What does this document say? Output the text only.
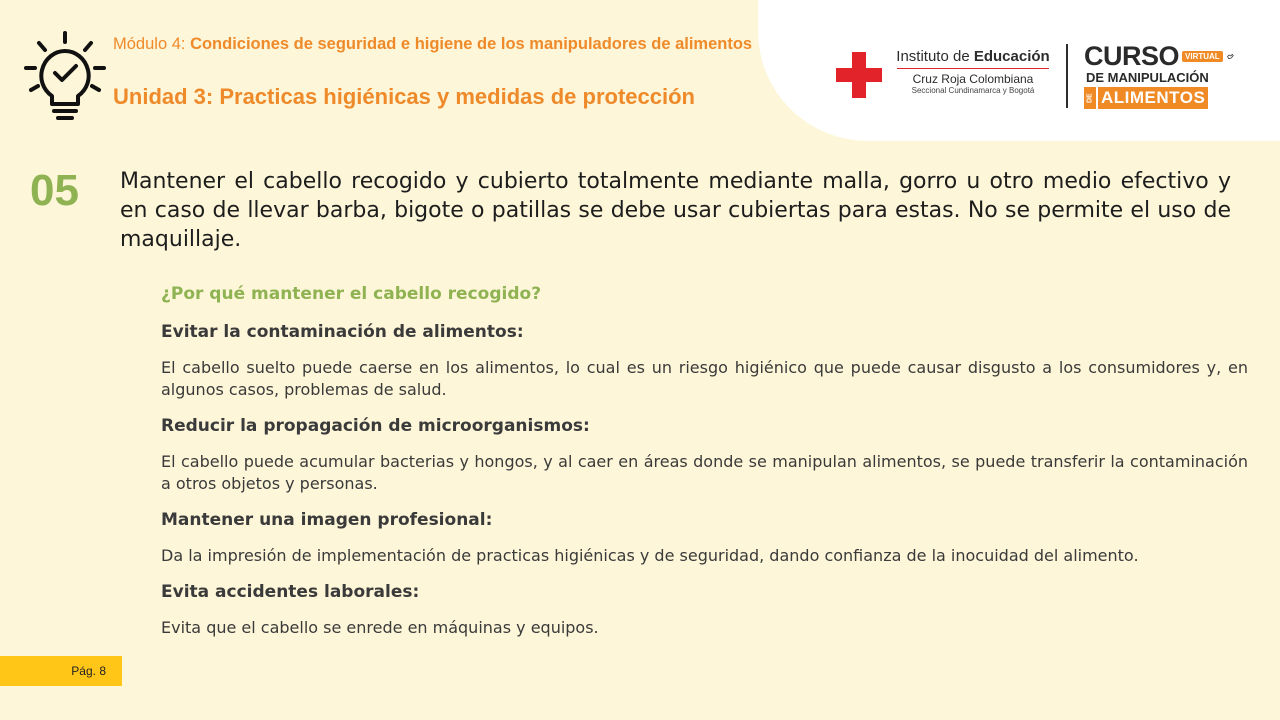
Módulo 4: Condiciones de seguridad e higiene de los manipuladores de alimentos
Unidad 3: Practicas higiénicas y medidas de protección
Instituto de Educación
Cruz Roja Colombiana
Seccional Cundinamarca y Bogotá
CURSO VIRTUAL
DE MANIPULACIÓN
DE ALIMENTOS
05 Mantener el cabello recogido y cubierto totalmente mediante malla, gorro u otro medio efectivo y en caso de llevar barba, bigote o patillas se debe usar cubiertas para estas. No se permite el uso de maquillaje.
¿Por qué mantener el cabello recogido?
Evitar la contaminación de alimentos:
El cabello suelto puede caerse en los alimentos, lo cual es un riesgo higiénico que puede causar disgusto a los consumidores y, en algunos casos, problemas de salud.
Reducir la propagación de microorganismos:
El cabello puede acumular bacterias y hongos, y al caer en áreas donde se manipulan alimentos, se puede transferir la contaminación a otros objetos y personas.
Mantener una imagen profesional:
Da la impresión de implementación de practicas higiénicas y de seguridad, dando confianza de la inocuidad del alimento.
Evita accidentes laborales:
Evita que el cabello se enrede en máquinas y equipos.
Pág. 8
